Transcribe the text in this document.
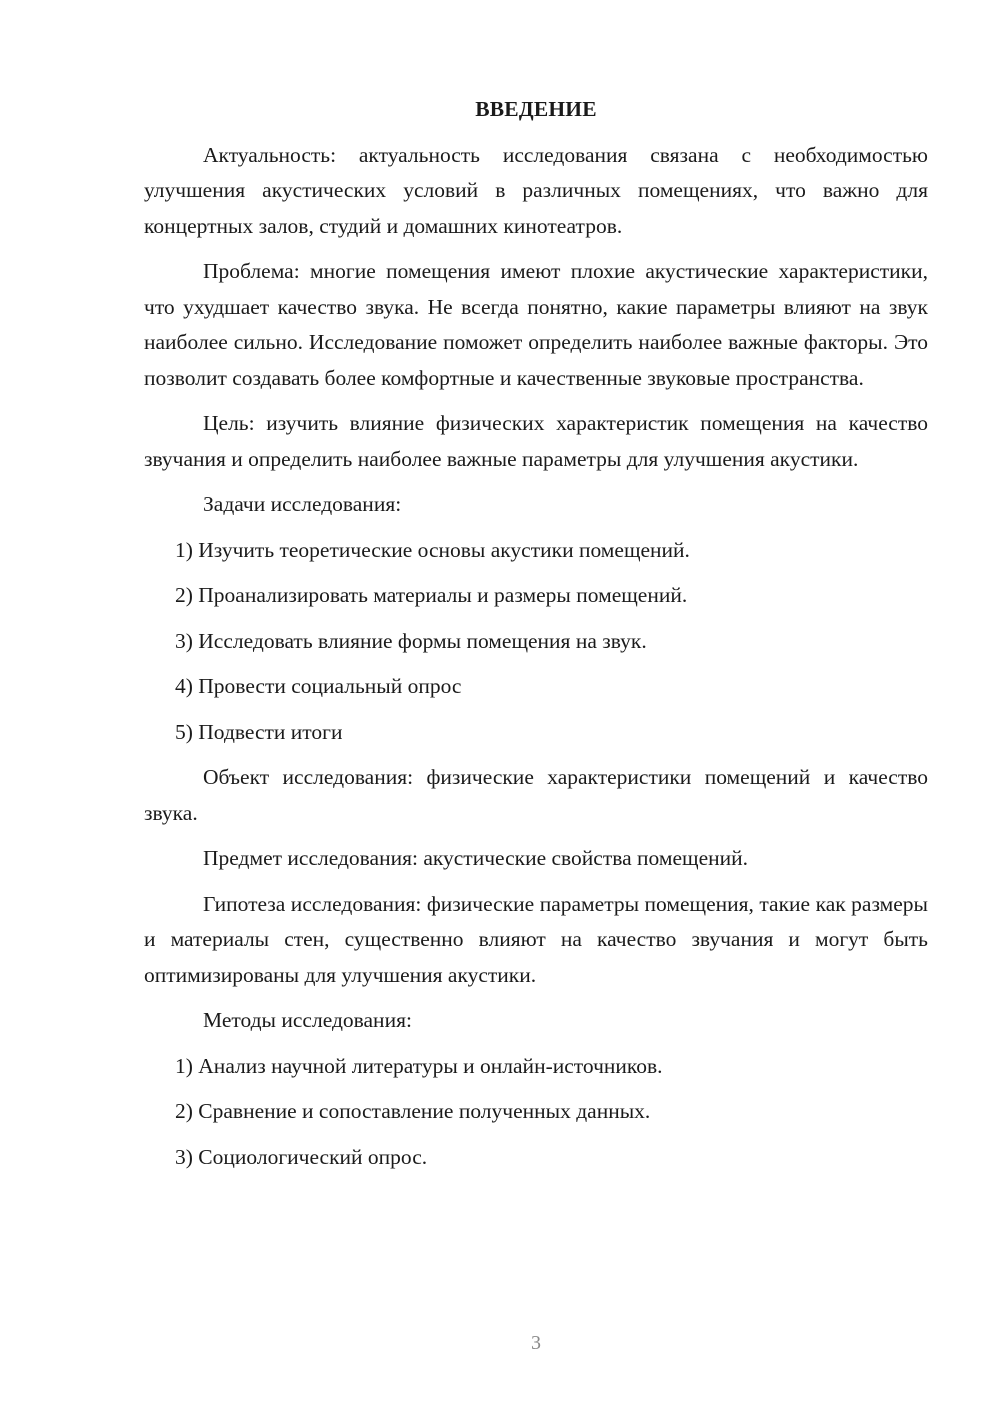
ВВЕДЕНИЕ

Актуальность: актуальность исследования связана с необходимостью улучшения акустических условий в различных помещениях, что важно для концертных залов, студий и домашних кинотеатров.

Проблема: многие помещения имеют плохие акустические характеристики, что ухудшает качество звука. Не всегда понятно, какие параметры влияют на звук наиболее сильно. Исследование поможет определить наиболее важные факторы. Это позволит создавать более комфортные и качественные звуковые пространства.

Цель: изучить влияние физических характеристик помещения на качество звучания и определить наиболее важные параметры для улучшения акустики.

Задачи исследования:

1) Изучить теоретические основы акустики помещений.
2) Проанализировать материалы и размеры помещений.
3) Исследовать влияние формы помещения на звук.
4) Провести социальный опрос
5) Подвести итоги

Объект исследования: физические характеристики помещений и качество звука.

Предмет исследования: акустические свойства помещений.

Гипотеза исследования: физические параметры помещения, такие как размеры и материалы стен, существенно влияют на качество звучания и могут быть оптимизированы для улучшения акустики.

Методы исследования:

1) Анализ научной литературы и онлайн-источников.
2) Сравнение и сопоставление полученных данных.
3) Социологический опрос.
3
